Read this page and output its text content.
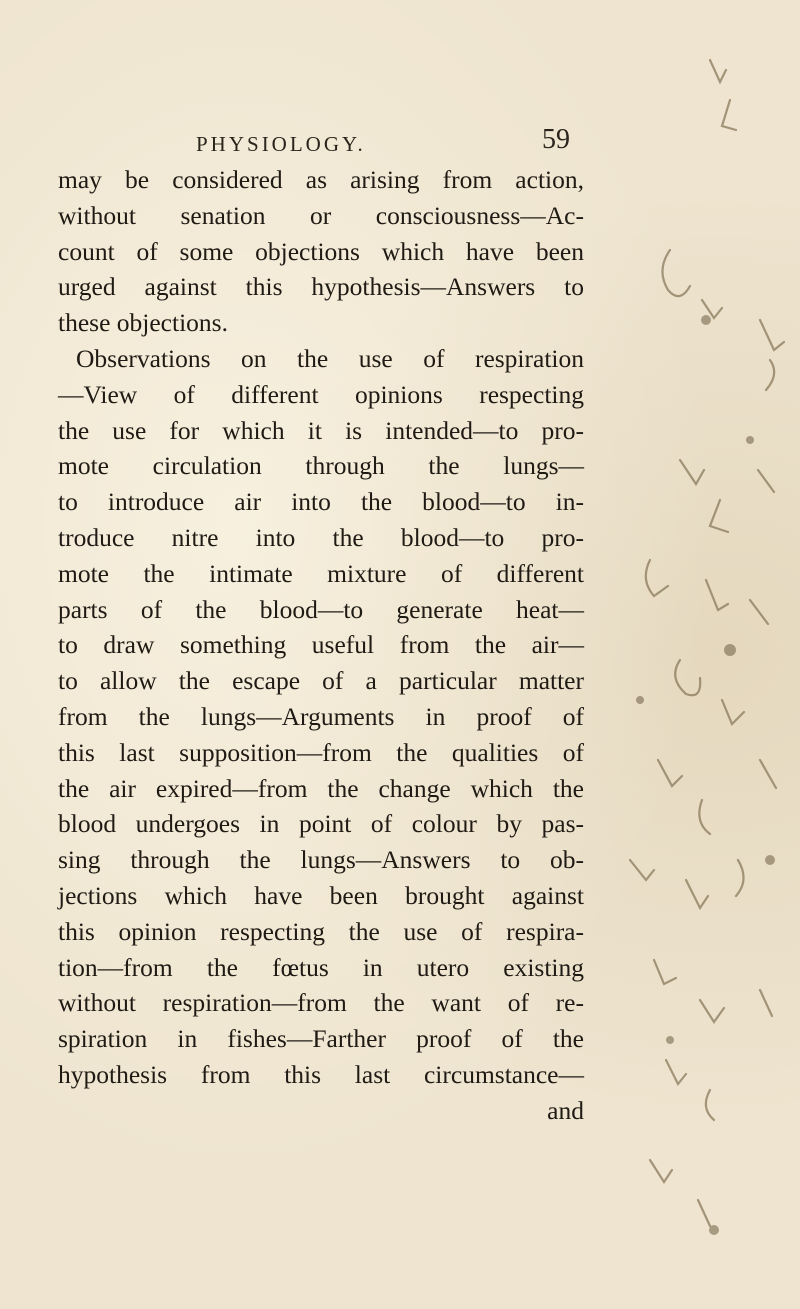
PHYSIOLOGY.	59
may be considered as arising from action,
without senation or consciousness—Ac-
count of some objections which have been
urged against this hypothesis—Answers to
these objections.
Observations on the use of respiration
—View of different opinions respecting
the use for which it is intended—to pro-
mote circulation through the lungs—
to introduce air into the blood—to in-
troduce nitre into the blood—to pro-
mote the intimate mixture of different
parts of the blood—to generate heat—
to draw something useful from the air—
to allow the escape of a particular matter
from the lungs—Arguments in proof of
this last supposition—from the qualities of
the air expired—from the change which the
blood undergoes in point of colour by pas-
sing through the lungs—Answers to ob-
jections which have been brought against
this opinion respecting the use of respira-
tion—from the fœtus in utero existing
without respiration—from the want of re-
spiration in fishes—Farther proof of the
hypothesis from this last circumstance—
and
